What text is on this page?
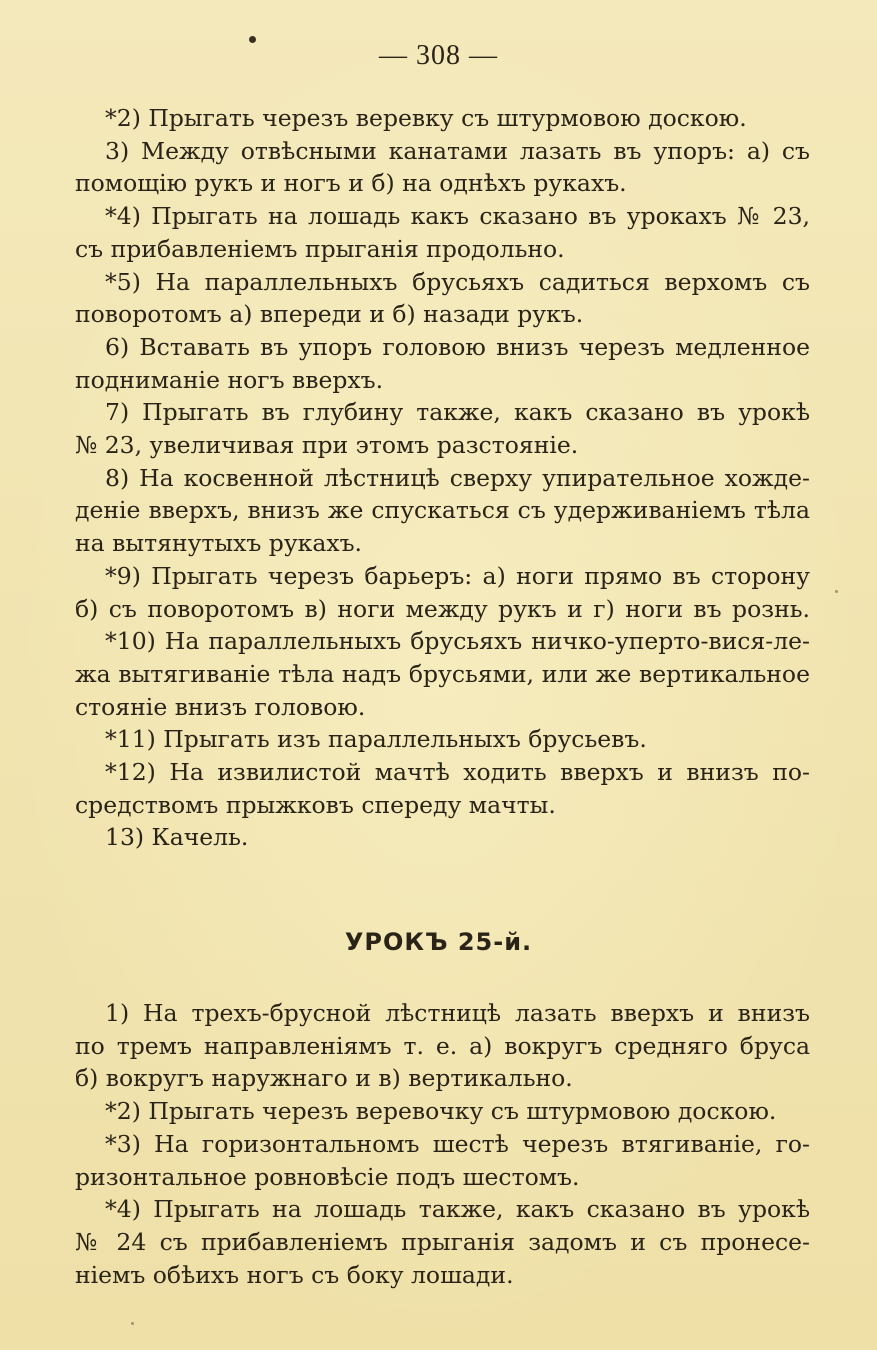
— 308 —
*2) Прыгать черезъ веревку съ штурмовою доскою.
3) Между отвѣсными канатами лазать въ упоръ: а) съ
помощію рукъ и ногъ и б) на однѣхъ рукахъ.
*4) Прыгать на лошадь какъ сказано въ урокахъ № 23,
съ прибавленіемъ прыганія продольно.
*5) На параллельныхъ брусьяхъ садиться верхомъ съ
поворотомъ а) впереди и б) назади рукъ.
6) Вставать въ упоръ головою внизъ черезъ медленное
подниманіе ногъ вверхъ.
7) Прыгать въ глубину также, какъ сказано въ урокѣ
№ 23, увеличивая при этомъ разстояніе.
8) На косвенной лѣстницѣ сверху упирательное хожде-
деніе вверхъ, внизъ же спускаться съ удерживаніемъ тѣла
на вытянутыхъ рукахъ.
*9) Прыгать черезъ барьеръ: а) ноги прямо въ сторону
б) съ поворотомъ в) ноги между рукъ и г) ноги въ рознь.
*10) На параллельныхъ брусьяхъ ничко-уперто-вися-ле-
жа вытягиваніе тѣла надъ брусьями, или же вертикальное
стояніе внизъ головою.
*11) Прыгать изъ параллельныхъ брусьевъ.
*12) На извилистой мачтѣ ходить вверхъ и внизъ по-
средствомъ прыжковъ спереду мачты.
13) Качель.
УРОКЪ 25-й.
1) На трехъ-брусной лѣстницѣ лазать вверхъ и внизъ
по тремъ направленіямъ т. е. а) вокругъ средняго бруса
б) вокругъ наружнаго и в) вертикально.
*2) Прыгать черезъ веревочку съ штурмовою доскою.
*3) На горизонтальномъ шестѣ черезъ втягиваніе, го-
ризонтальное ровновѣсіе подъ шестомъ.
*4) Прыгать на лошадь также, какъ сказано въ урокѣ
№ 24 съ прибавленіемъ прыганія задомъ и съ пронесе-
ніемъ обѣихъ ногъ съ боку лошади.
